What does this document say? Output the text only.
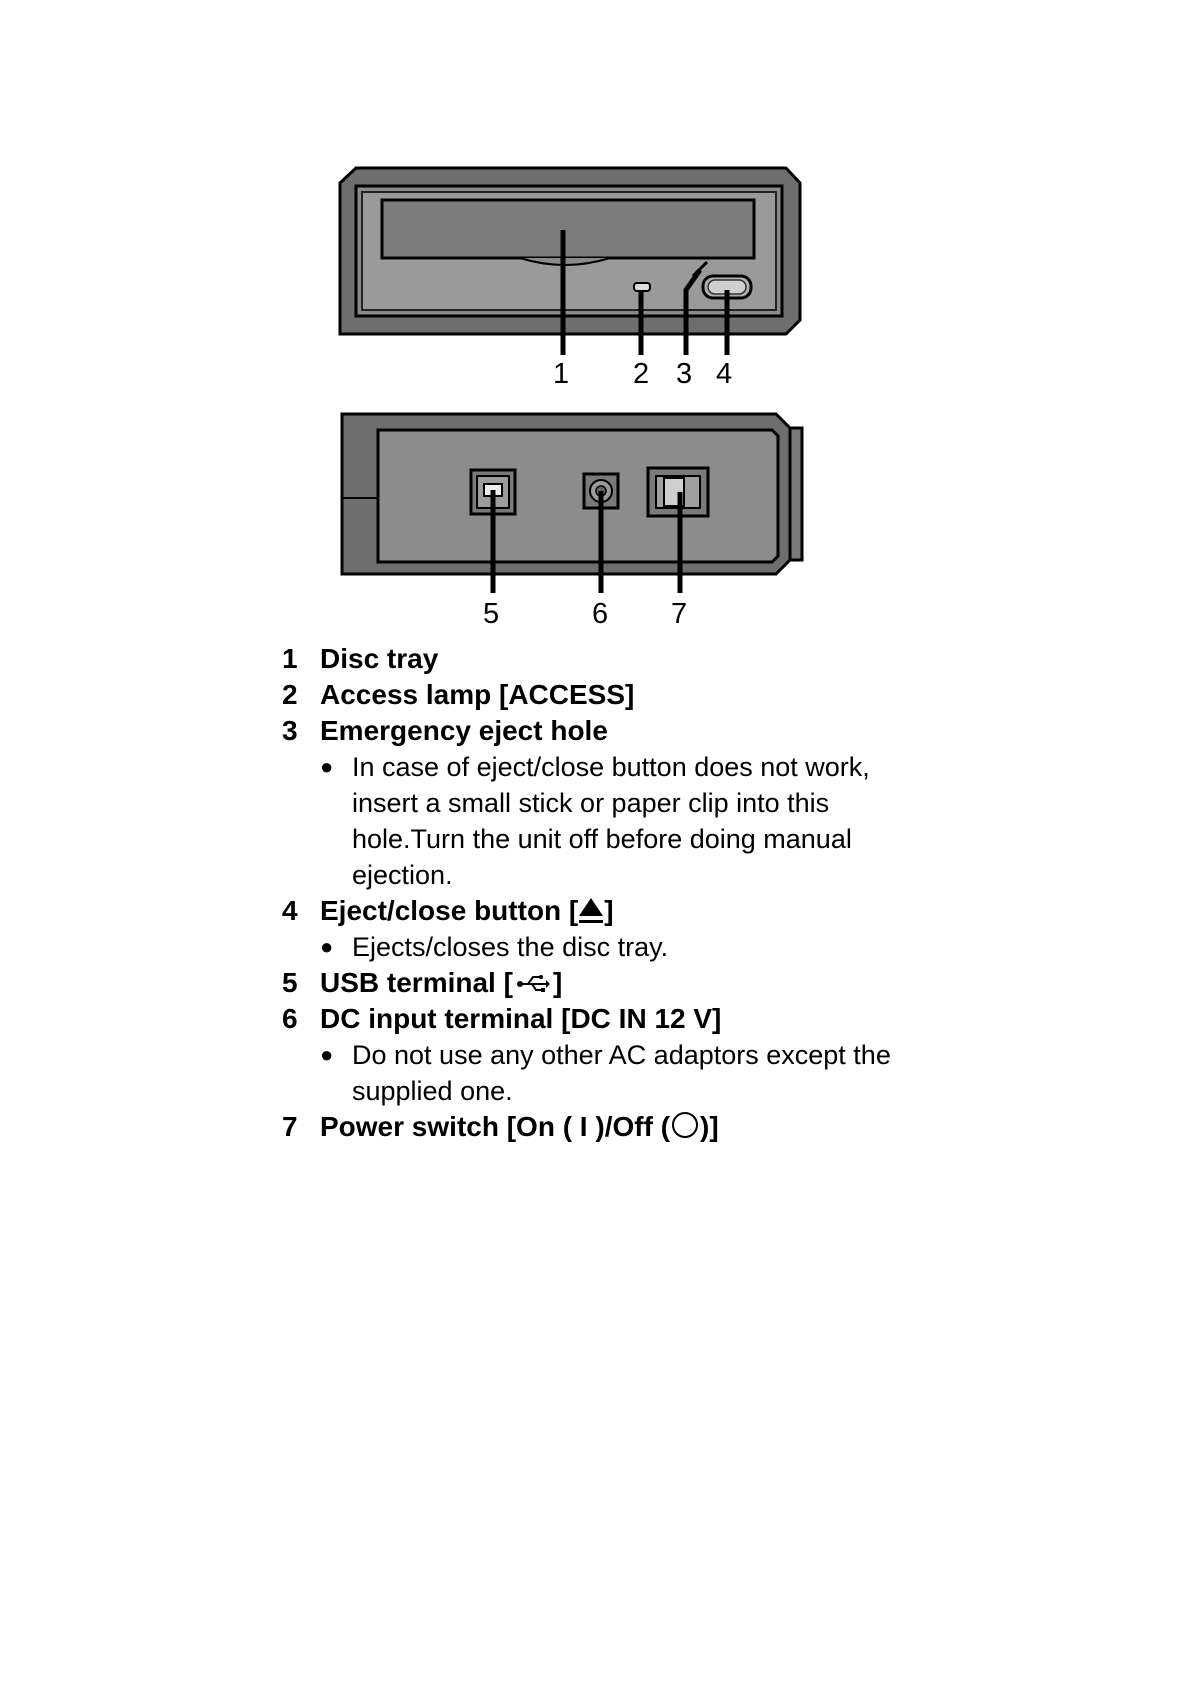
1 2 3 4
5	6 7
1 Disc tray
2 Access lamp [ACCESS]
3 Emergency eject hole
● In case of eject/close button does not work, insert a small stick or paper clip into this hole.Turn the unit off before doing manual ejection.
4 Eject/close button [ ]
● Ejects/closes the disc tray.
5 USB terminal [ ]
6 DC input terminal [DC IN 12 V]
● Do not use any other AC adaptors except the supplied one.
7 Power switch [On ( I )/Off ( )]
